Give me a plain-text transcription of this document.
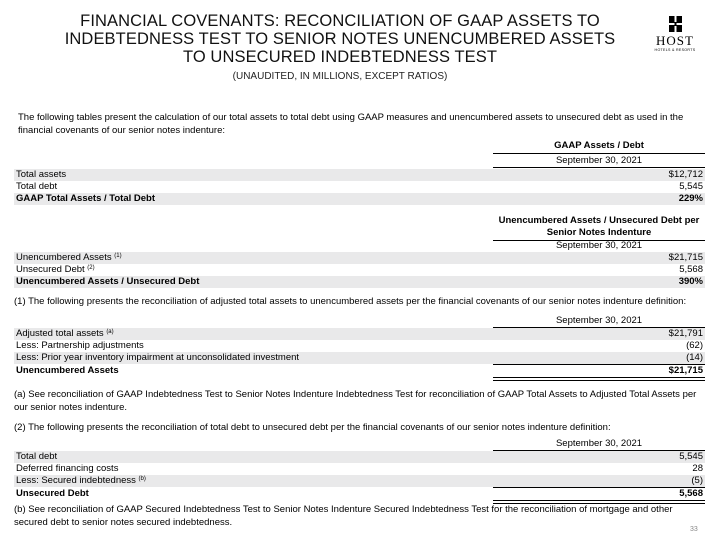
FINANCIAL COVENANTS: RECONCILIATION OF GAAP ASSETS TO
INDEBTEDNESS TEST TO SENIOR NOTES UNENCUMBERED ASSETS
TO UNSECURED INDEBTEDNESS TEST
(UNAUDITED, IN MILLIONS, EXCEPT RATIOS)
HOST
HOTELS & RESORTS
The following tables present the calculation of our total assets to total debt using GAAP measures and unencumbered assets to unsecured debt as used in the financial covenants of our senior notes indenture:
GAAP Assets / Debt
September 30, 2021
Total assets	$12,712
Total debt	5,545
GAAP Total Assets / Total Debt	229%
Unencumbered Assets / Unsecured Debt per
Senior Notes Indenture
September 30, 2021
Unencumbered Assets $^{(1)}$	$21,715
Unsecured Debt $^{(2)}$	5,568
Unencumbered Assets / Unsecured Debt	390%
(1) The following presents the reconciliation of adjusted total assets to unencumbered assets per the financial covenants of our senior notes indenture definition:
September 30, 2021
Adjusted total assets $^{(a)}$	$21,791
Less: Partnership adjustments	(62)
Less: Prior year inventory impairment at unconsolidated investment	(14)
Unencumbered Assets	$21,715
(a) See reconciliation of GAAP Indebtedness Test to Senior Notes Indenture Indebtedness Test for reconciliation of GAAP Total Assets to Adjusted Total Assets per our senior notes indenture.
(2) The following presents the reconciliation of total debt to unsecured debt per the financial covenants of our senior notes indenture definition:
September 30, 2021
Total debt	5,545
Deferred financing costs	28
Less: Secured indebtedness $^{(b)}$	(5)
Unsecured Debt	5,568
(b) See reconciliation of GAAP Secured Indebtedness Test to Senior Notes Indenture Secured Indebtedness Test for the reconciliation of mortgage and other secured debt to senior notes secured indebtedness.
33
